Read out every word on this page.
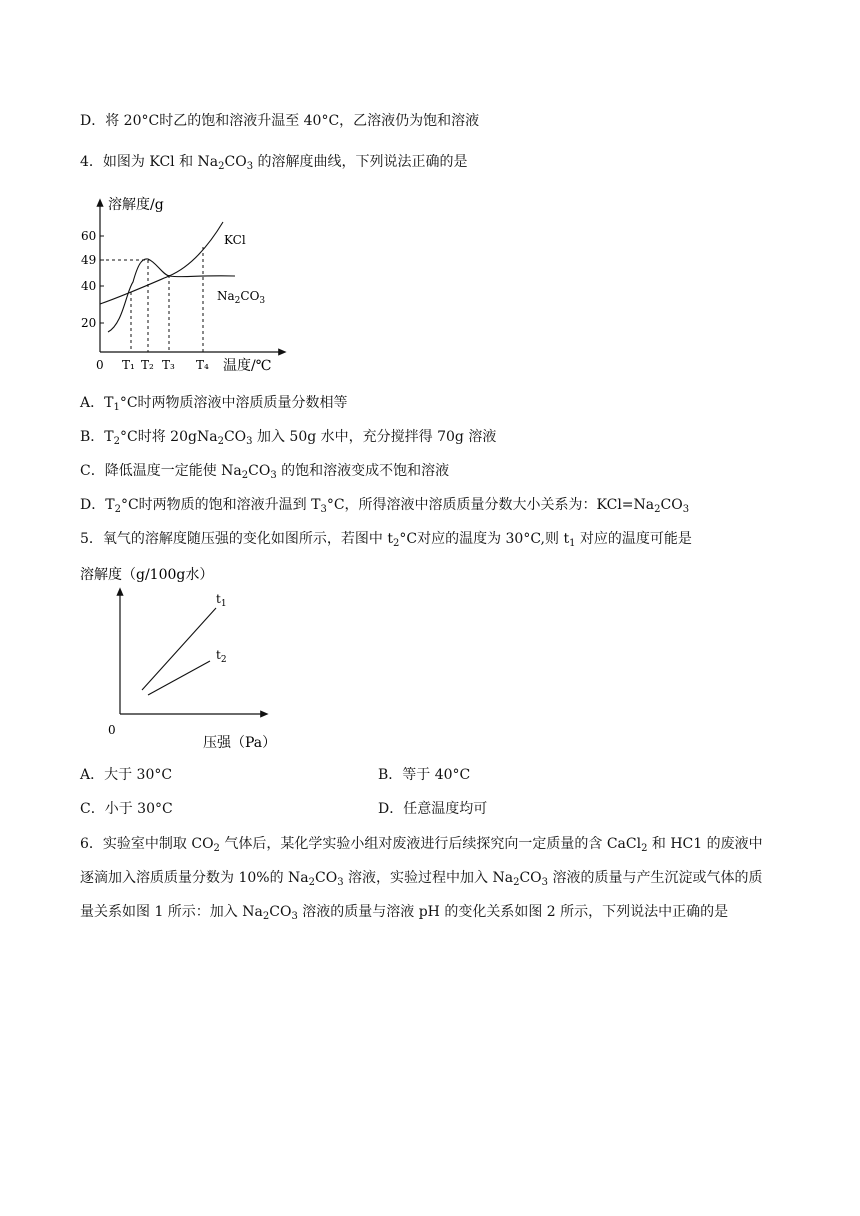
D．将 20°C时乙的饱和溶液升温至 40°C，乙溶液仍为饱和溶液
4．如图为 KCl 和 $Na_2CO_3$ 的溶解度曲线，下列说法正确的是
溶解度/g
0
60
49
40
20
KCl
$Na_2CO_3$
T₁ T₂ T₃ T₄ 温度/℃
A．$T_1^\circ C$时两物质溶液中溶质质量分数相等
B．$T_2^\circ C$时将 $20gNa_2CO_3$ 加入 50g 水中，充分搅拌得 70g 溶液
C．降低温度一定能使 $Na_2CO_3$ 的饱和溶液变成不饱和溶液
D．$T_2^\circ C$时两物质的饱和溶液升温到 $T_3^\circ C$，所得溶液中溶质质量分数大小关系为：$KCl=Na_2CO_3$
5．氧气的溶解度随压强的变化如图所示，若图中 $t_2^\circ C$对应的温度为 30°C,则 $t_1$ 对应的温度可能是
溶解度（g/100g水）
0
$t_1$
$t_2$
压强（Pa）
A．大于 30°C	B．等于 40°C
C．小于 30°C	D．任意温度均可
6．实验室中制取 $CO_2$ 气体后，某化学实验小组对废液进行后续探究向一定质量的含 CaCl$_2$ 和 HC1 的废液中
逐滴加入溶质质量分数为 10%的 $Na_2CO_3$ 溶液，实验过程中加入 $Na_2CO_3$ 溶液的质量与产生沉淀或气体的质
量关系如图 1 所示：加入 $Na_2CO_3$ 溶液的质量与溶液 pH 的变化关系如图 2 所示，下列说法中正确的是
